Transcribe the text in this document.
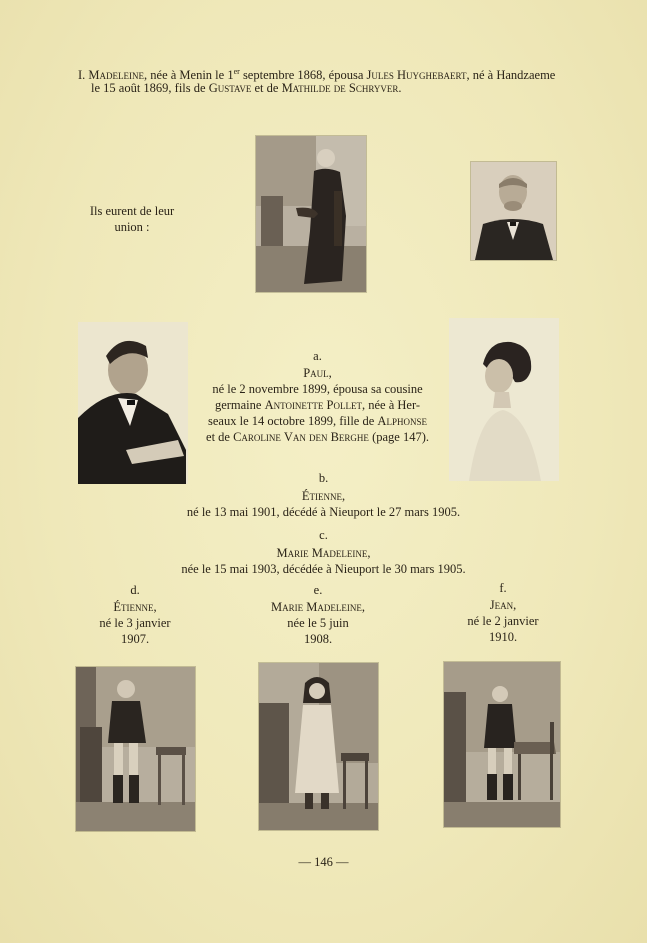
I. Madeleine, née à Menin le 1er septembre 1868, épousa Jules Huyghebaert, né à Handzaeme
le 15 août 1869, fils de Gustave et de Mathilde de Schryver.
Ils eurent de leur
union :
a.
Paul,
né le 2 novembre 1899, épousa sa cousine
germaine Antoinette Pollet, née à Her-
seaux le 14 octobre 1899, fille de Alphonse
et de Caroline Van den Berghe (page 147).
b.
Étienne,
né le 13 mai 1901, décédé à Nieuport le 27 mars 1905.
c.
Marie Madeleine,
née le 15 mai 1903, décédée à Nieuport le 30 mars 1905.
d.
Étienne,
né le 3 janvier
1907.
e.
Marie Madeleine,
née le 5 juin
1908.
f.
Jean,
né le 2 janvier
1910.
— 146 —
